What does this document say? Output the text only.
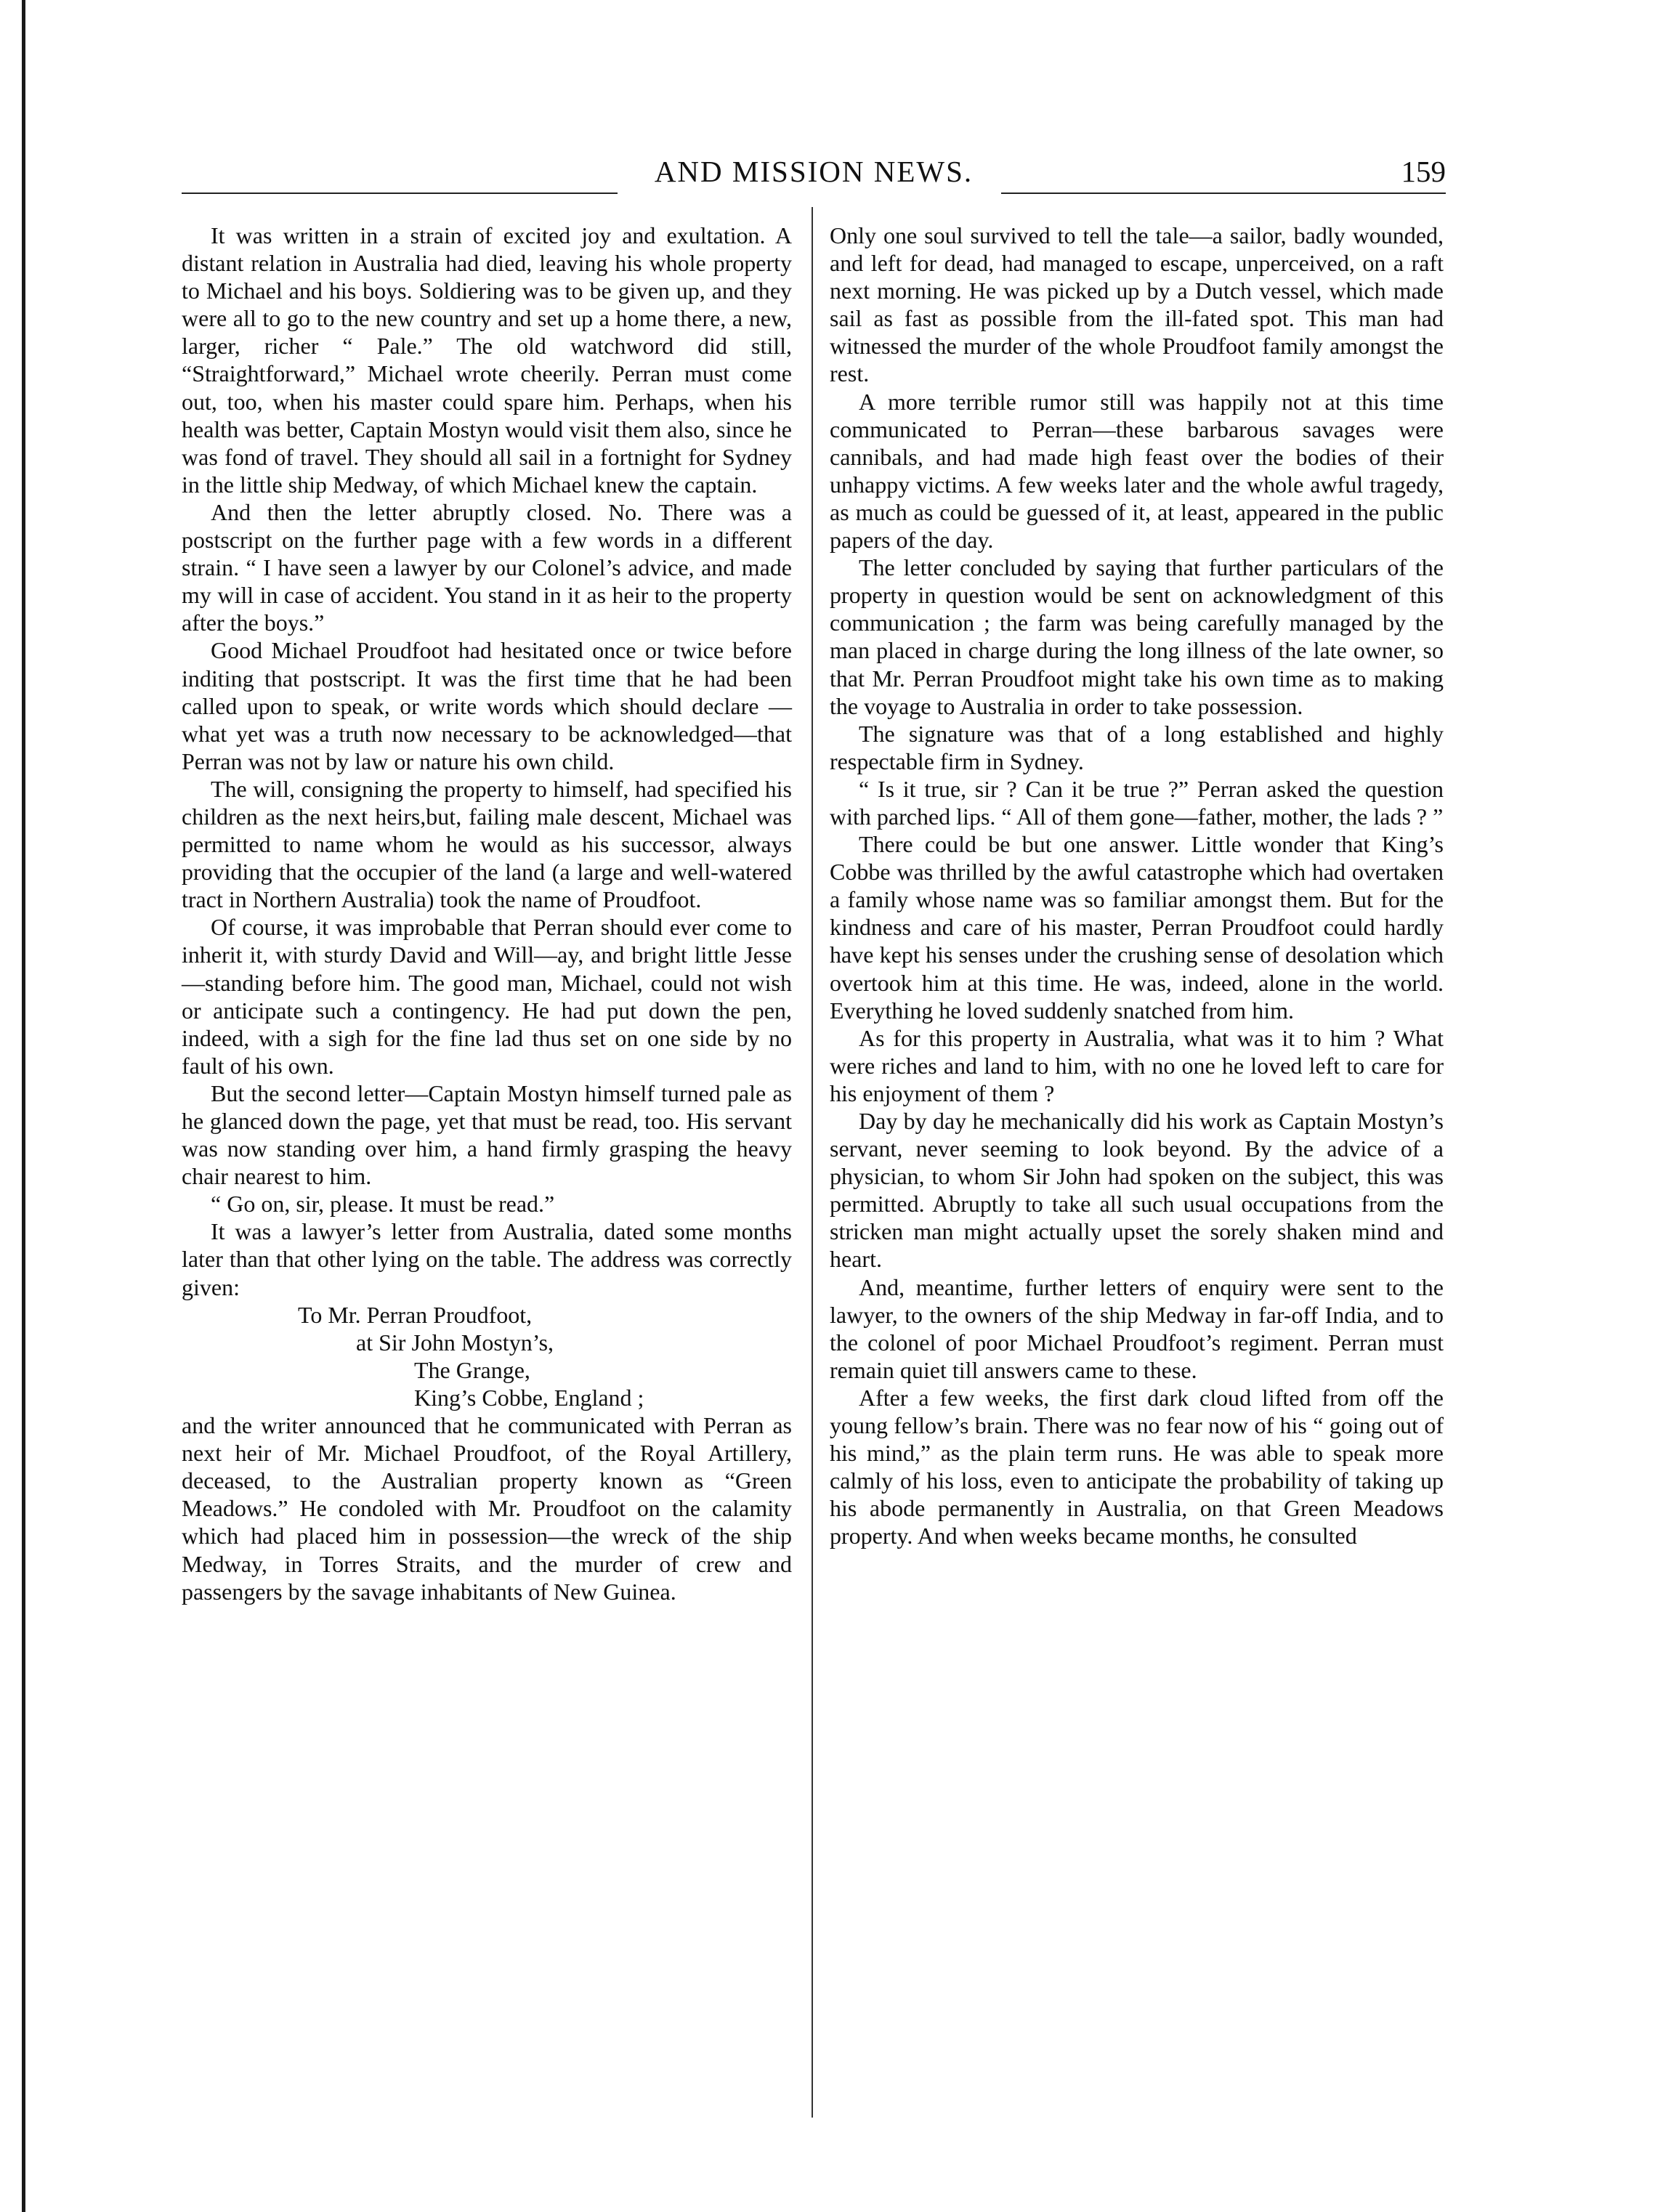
AND MISSION NEWS.	159

It was written in a strain of excited joy and exultation. A distant relation in Australia had died, leaving his whole property to Michael and his boys. Soldiering was to be given up, and they were all to go to the new country and set up a home there, a new, larger, richer “ Pale.” The old watchword did still, “Straightforward,” Michael wrote cheerily. Perran must come out, too, when his master could spare him. Perhaps, when his health was better, Captain Mostyn would visit them also, since he was fond of travel. They should all sail in a fortnight for Sydney in the little ship Medway, of which Michael knew the captain.

And then the letter abruptly closed. No. There was a postscript on the further page with a few words in a different strain. “ I have seen a lawyer by our Colonel’s advice, and made my will in case of accident. You stand in it as heir to the property after the boys.”

Good Michael Proudfoot had hesitated once or twice before inditing that postscript. It was the first time that he had been called upon to speak, or write words which should declare —what yet was a truth now necessary to be acknowledged—that Perran was not by law or nature his own child.

The will, consigning the property to himself, had specified his children as the next heirs,but, failing male descent, Michael was permitted to name whom he would as his successor, always providing that the occupier of the land (a large and well-watered tract in Northern Australia) took the name of Proudfoot.

Of course, it was improbable that Perran should ever come to inherit it, with sturdy David and Will—ay, and bright little Jesse—standing before him. The good man, Michael, could not wish or anticipate such a contingency. He had put down the pen, indeed, with a sigh for the fine lad thus set on one side by no fault of his own.

But the second letter—Captain Mostyn himself turned pale as he glanced down the page, yet that must be read, too. His servant was now standing over him, a hand firmly grasping the heavy chair nearest to him.

“ Go on, sir, please. It must be read.”

It was a lawyer’s letter from Australia, dated some months later than that other lying on the table. The address was correctly given:

To Mr. Perran Proudfoot,
at Sir John Mostyn’s,
The Grange,
King’s Cobbe, England ;

and the writer announced that he communicated with Perran as next heir of Mr. Michael Proudfoot, of the Royal Artillery, deceased, to the Australian property known as “Green Meadows.” He condoled with Mr. Proudfoot on the calamity which had placed him in possession—the wreck of the ship Medway, in Torres Straits, and the murder of crew and passengers by the savage inhabitants of New Guinea.

Only one soul survived to tell the tale—a sailor, badly wounded, and left for dead, had managed to escape, unperceived, on a raft next morning. He was picked up by a Dutch vessel, which made sail as fast as possible from the ill-fated spot. This man had witnessed the murder of the whole Proudfoot family amongst the rest.

A more terrible rumor still was happily not at this time communicated to Perran—these barbarous savages were cannibals, and had made high feast over the bodies of their unhappy victims. A few weeks later and the whole awful tragedy, as much as could be guessed of it, at least, appeared in the public papers of the day.

The letter concluded by saying that further particulars of the property in question would be sent on acknowledgment of this communication ; the farm was being carefully managed by the man placed in charge during the long illness of the late owner, so that Mr. Perran Proudfoot might take his own time as to making the voyage to Australia in order to take possession.

The signature was that of a long established and highly respectable firm in Sydney.

“ Is it true, sir ? Can it be true ?” Perran asked the question with parched lips. “ All of them gone—father, mother, the lads ? ”

There could be but one answer. Little wonder that King’s Cobbe was thrilled by the awful catastrophe which had overtaken a family whose name was so familiar amongst them. But for the kindness and care of his master, Perran Proudfoot could hardly have kept his senses under the crushing sense of desolation which overtook him at this time. He was, indeed, alone in the world. Everything he loved suddenly snatched from him.

As for this property in Australia, what was it to him ? What were riches and land to him, with no one he loved left to care for his enjoyment of them ?

Day by day he mechanically did his work as Captain Mostyn’s servant, never seeming to look beyond. By the advice of a physician, to whom Sir John had spoken on the subject, this was permitted. Abruptly to take all such usual occupations from the stricken man might actually upset the sorely shaken mind and heart.

And, meantime, further letters of enquiry were sent to the lawyer, to the owners of the ship Medway in far-off India, and to the colonel of poor Michael Proudfoot’s regiment. Perran must remain quiet till answers came to these.

After a few weeks, the first dark cloud lifted from off the young fellow’s brain. There was no fear now of his “ going out of his mind,” as the plain term runs. He was able to speak more calmly of his loss, even to anticipate the probability of taking up his abode permanently in Australia, on that Green Meadows property. And when weeks became months, he consulted
